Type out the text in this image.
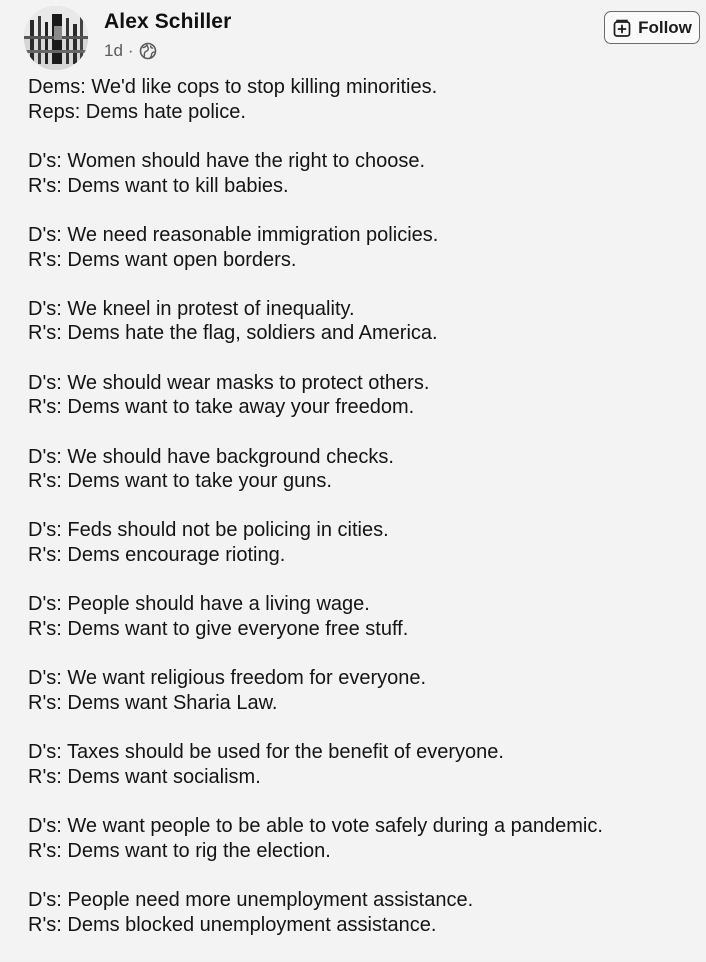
Alex Schiller
1d ·
Follow
Dems: We'd like cops to stop killing minorities.
Reps: Dems hate police.
D's: Women should have the right to choose.
R's: Dems want to kill babies.
D's: We need reasonable immigration policies.
R's: Dems want open borders.
D's: We kneel in protest of inequality.
R's: Dems hate the flag, soldiers and America.
D's: We should wear masks to protect others.
R's: Dems want to take away your freedom.
D's: We should have background checks.
R's: Dems want to take your guns.
D's: Feds should not be policing in cities.
R's: Dems encourage rioting.
D's: People should have a living wage.
R's: Dems want to give everyone free stuff.
D's: We want religious freedom for everyone.
R's: Dems want Sharia Law.
D's: Taxes should be used for the benefit of everyone.
R's: Dems want socialism.
D's: We want people to be able to vote safely during a pandemic.
R's: Dems want to rig the election.
D's: People need more unemployment assistance.
R's: Dems blocked unemployment assistance.
